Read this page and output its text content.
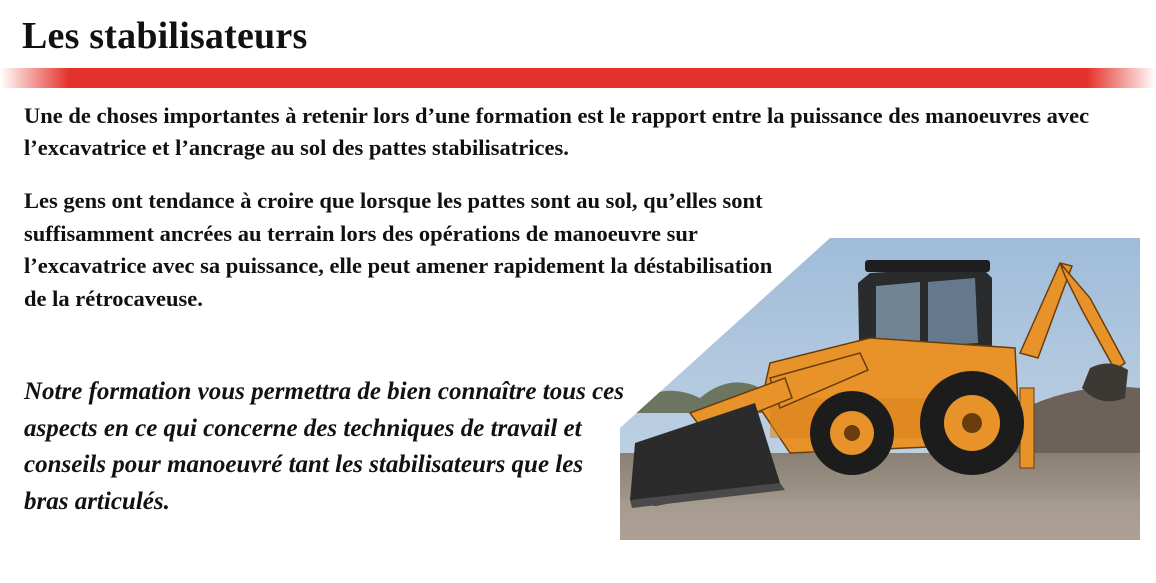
Les stabilisateurs
Une de choses importantes à retenir lors d’une formation est le rapport entre la puissance des manoeuvres avec l’excavatrice et l’ancrage au sol des pattes stabilisatrices.
Les gens ont tendance à croire que lorsque les pattes sont au sol, qu’elles sont suffisamment ancrées au terrain lors des opérations de manoeuvre sur l’excavatrice avec sa puissance, elle peut amener rapidement la déstabilisation de la rétrocaveuse.
Notre formation vous permettra de bien connaître tous ces aspects en ce qui concerne des techniques de travail et conseils pour manoeuvré tant les stabilisateurs que les bras articulés.
